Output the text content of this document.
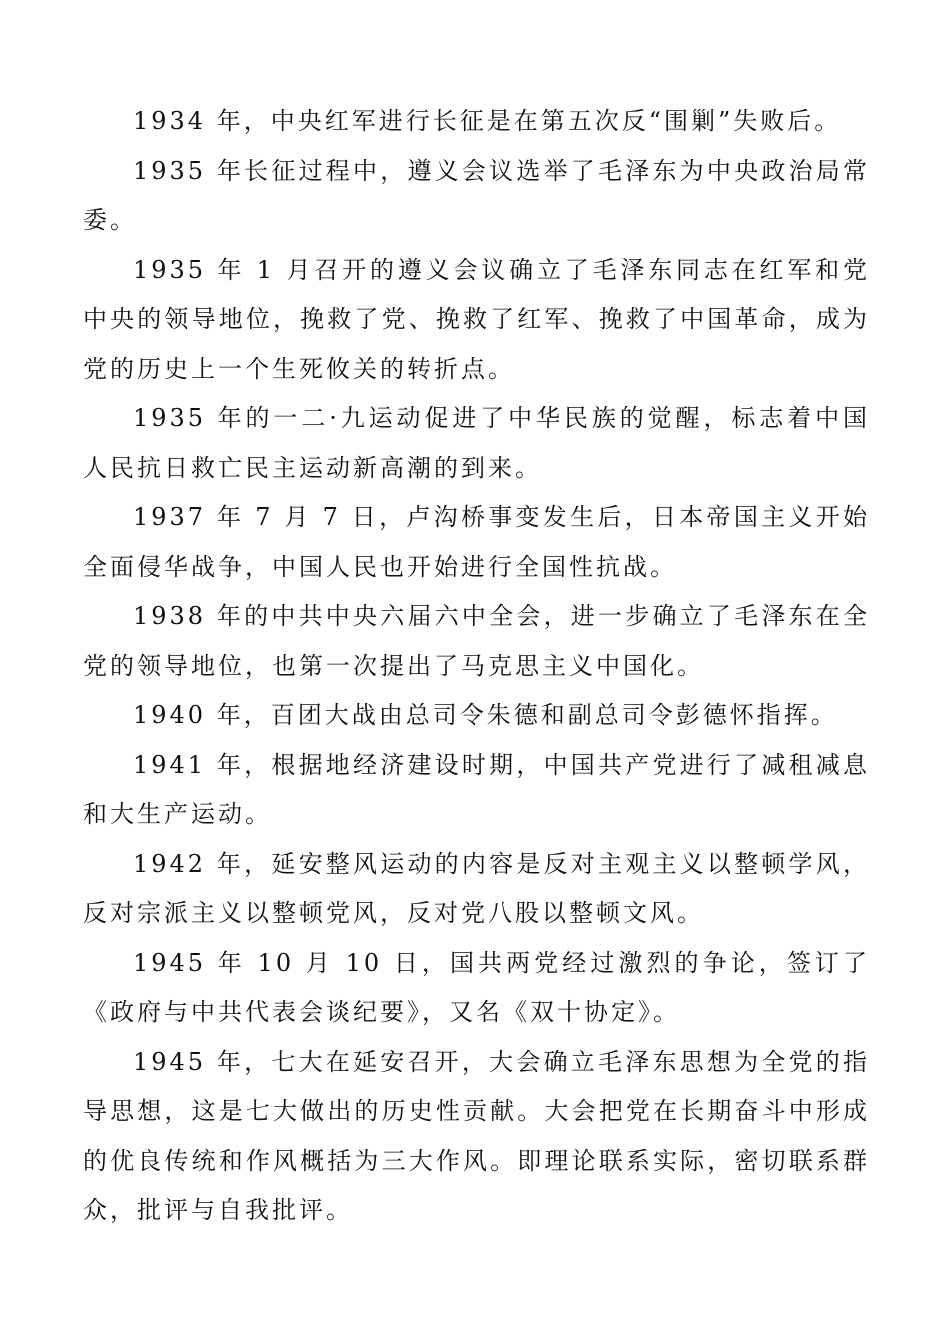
1934 年，中央红军进行长征是在第五次反“围剿”失败后。

1935 年长征过程中，遵义会议选举了毛泽东为中央政治局常委。

1935 年 1 月召开的遵义会议确立了毛泽东同志在红军和党中央的领导地位，挽救了党、挽救了红军、挽救了中国革命，成为党的历史上一个生死攸关的转折点。

1935 年的一二·九运动促进了中华民族的觉醒，标志着中国人民抗日救亡民主运动新高潮的到来。

1937 年 7 月 7 日，卢沟桥事变发生后，日本帝国主义开始全面侵华战争，中国人民也开始进行全国性抗战。

1938 年的中共中央六届六中全会，进一步确立了毛泽东在全党的领导地位，也第一次提出了马克思主义中国化。

1940 年，百团大战由总司令朱德和副总司令彭德怀指挥。

1941 年，根据地经济建设时期，中国共产党进行了减租减息和大生产运动。

1942 年，延安整风运动的内容是反对主观主义以整顿学风，反对宗派主义以整顿党风，反对党八股以整顿文风。

1945 年 10 月 10 日，国共两党经过激烈的争论，签订了《政府与中共代表会谈纪要》，又名《双十协定》。

1945 年，七大在延安召开，大会确立毛泽东思想为全党的指导思想，这是七大做出的历史性贡献。大会把党在长期奋斗中形成的优良传统和作风概括为三大作风。即理论联系实际，密切联系群众，批评与自我批评。
